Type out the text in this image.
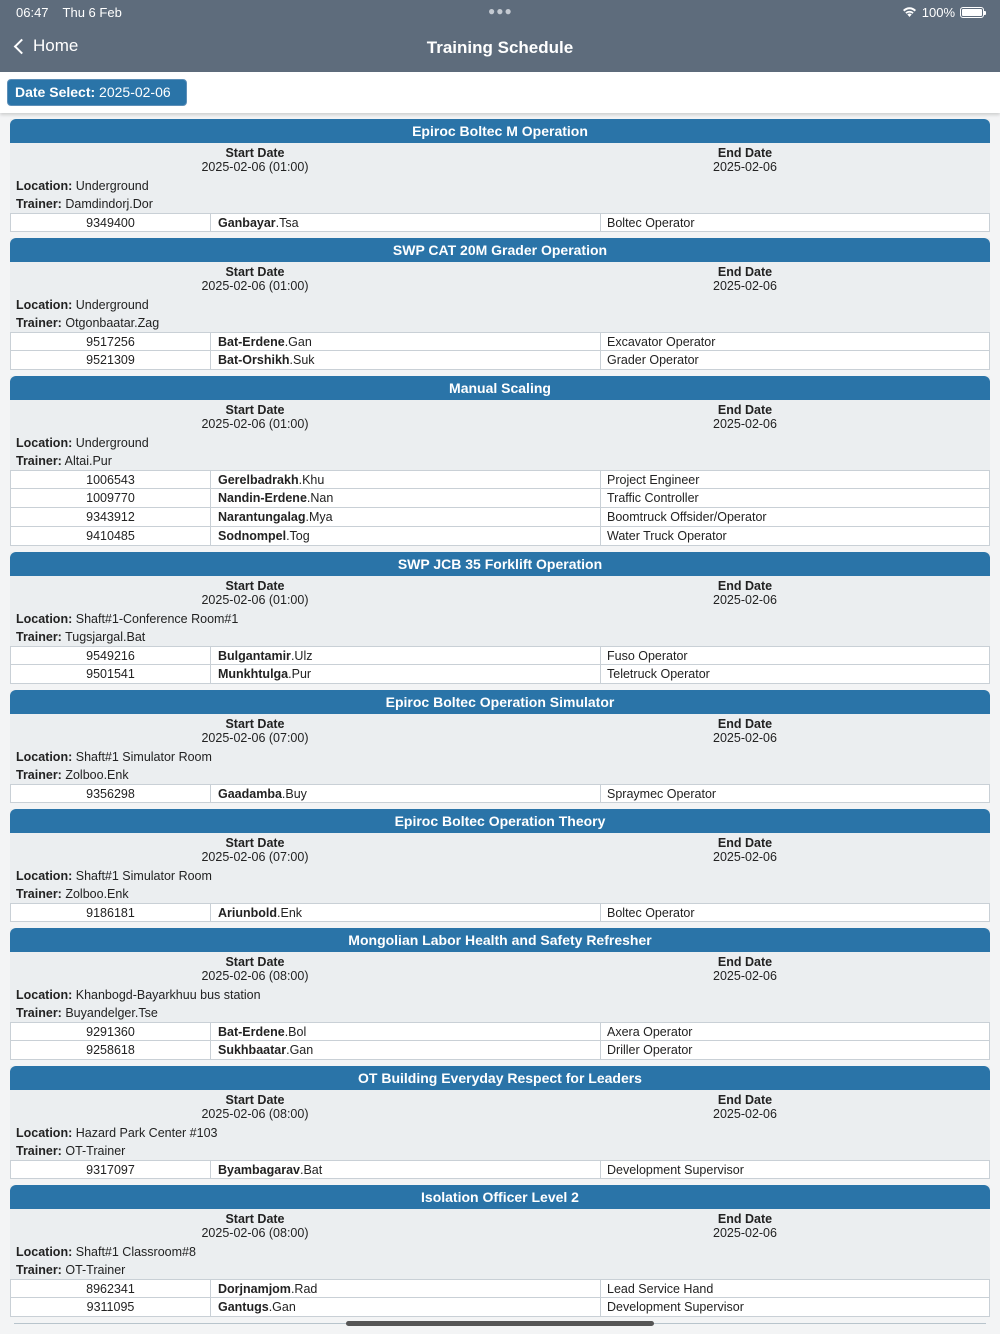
06:47 Thu 6 Feb	100%
●●●
Home	Training Schedule
Date Select: 2025-02-06
Epiroc Boltec M Operation
Start Date
2025-02-06 (01:00)
End Date
2025-02-06
Location: Underground
Trainer: Damdindorj.Dor
9349400	Ganbayar.Tsa	Boltec Operator
SWP CAT 20M Grader Operation
Start Date
2025-02-06 (01:00)
End Date
2025-02-06
Location: Underground
Trainer: Otgonbaatar.Zag
9517256	Bat-Erdene.Gan	Excavator Operator
9521309	Bat-Orshikh.Suk	Grader Operator
Manual Scaling
Start Date
2025-02-06 (01:00)
End Date
2025-02-06
Location: Underground
Trainer: Altai.Pur
1006543	Gerelbadrakh.Khu	Project Engineer
1009770	Nandin-Erdene.Nan	Traffic Controller
9343912	Narantungalag.Mya	Boomtruck Offsider/Operator
9410485	Sodnompel.Tog	Water Truck Operator
SWP JCB 35 Forklift Operation
Start Date
2025-02-06 (01:00)
End Date
2025-02-06
Location: Shaft#1-Conference Room#1
Trainer: Tugsjargal.Bat
9549216	Bulgantamir.Ulz	Fuso Operator
9501541	Munkhtulga.Pur	Teletruck Operator
Epiroc Boltec Operation Simulator
Start Date
2025-02-06 (07:00)
End Date
2025-02-06
Location: Shaft#1 Simulator Room
Trainer: Zolboo.Enk
9356298	Gaadamba.Buy	Spraymec Operator
Epiroc Boltec Operation Theory
Start Date
2025-02-06 (07:00)
End Date
2025-02-06
Location: Shaft#1 Simulator Room
Trainer: Zolboo.Enk
9186181	Ariunbold.Enk	Boltec Operator
Mongolian Labor Health and Safety Refresher
Start Date
2025-02-06 (08:00)
End Date
2025-02-06
Location: Khanbogd-Bayarkhuu bus station
Trainer: Buyandelger.Tse
9291360	Bat-Erdene.Bol	Axera Operator
9258618	Sukhbaatar.Gan	Driller Operator
OT Building Everyday Respect for Leaders
Start Date
2025-02-06 (08:00)
End Date
2025-02-06
Location: Hazard Park Center #103
Trainer: OT-Trainer
9317097	Byambagarav.Bat	Development Supervisor
Isolation Officer Level 2
Start Date
2025-02-06 (08:00)
End Date
2025-02-06
Location: Shaft#1 Classroom#8
Trainer: OT-Trainer
8962341	Dorjnamjom.Rad	Lead Service Hand
9311095	Gantugs.Gan	Development Supervisor
